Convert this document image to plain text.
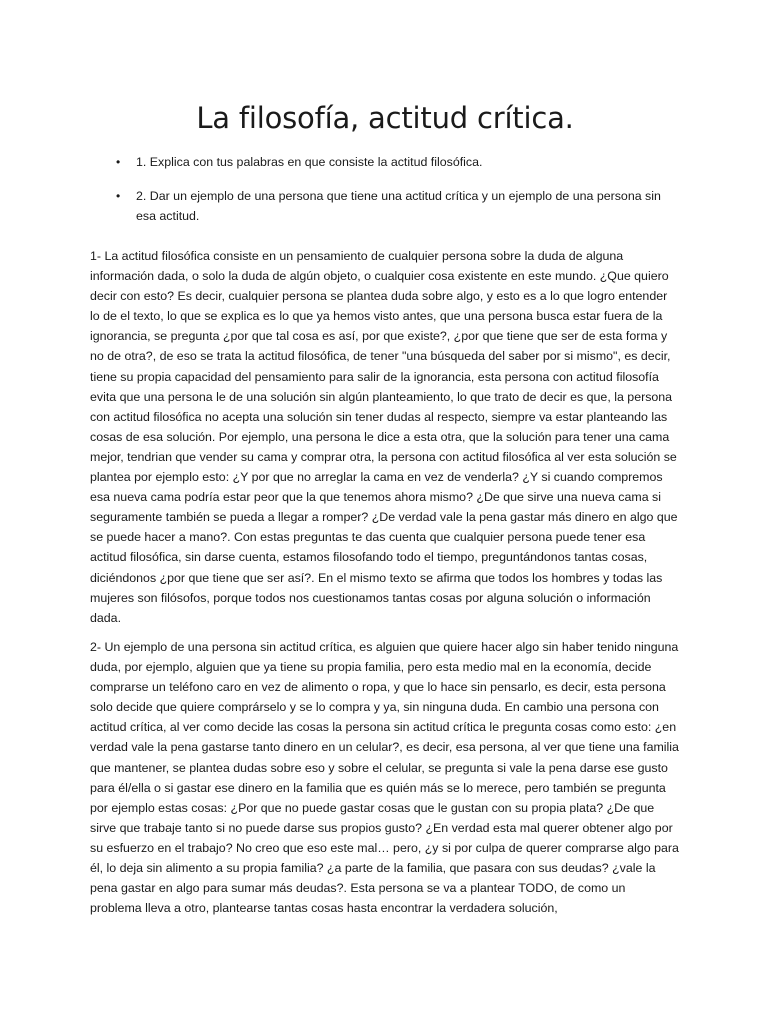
La filosofía, actitud crítica.
• 1. Explica con tus palabras en que consiste la actitud filosófica.
• 2. Dar un ejemplo de una persona que tiene una actitud crítica y un ejemplo de una persona sin esa actitud.

1- La actitud filosófica consiste en un pensamiento de cualquier persona sobre la duda de alguna información dada, o solo la duda de algún objeto, o cualquier cosa existente en este mundo. ¿Que quiero decir con esto? Es decir, cualquier persona se plantea duda sobre algo, y esto es a lo que logro entender lo de el texto, lo que se explica es lo que ya hemos visto antes, que una persona busca estar fuera de la ignorancia, se pregunta ¿por que tal cosa es así, por que existe?, ¿por que tiene que ser de esta forma y no de otra?, de eso se trata la actitud filosófica, de tener "una búsqueda del saber por si mismo", es decir, tiene su propia capacidad del pensamiento para salir de la ignorancia, esta persona con actitud filosofía evita que una persona le de una solución sin algún planteamiento, lo que trato de decir es que, la persona con actitud filosófica no acepta una solución sin tener dudas al respecto, siempre va estar planteando las cosas de esa solución. Por ejemplo, una persona le dice a esta otra, que la solución para tener una cama mejor, tendrian que vender su cama y comprar otra, la persona con actitud filosófica al ver esta solución se plantea por ejemplo esto: ¿Y por que no arreglar la cama en vez de venderla? ¿Y si cuando compremos esa nueva cama podría estar peor que la que tenemos ahora mismo? ¿De que sirve una nueva cama si seguramente también se pueda a llegar a romper? ¿De verdad vale la pena gastar más dinero en algo que se puede hacer a mano?. Con estas preguntas te das cuenta que cualquier persona puede tener esa actitud filosófica, sin darse cuenta, estamos filosofando todo el tiempo, preguntándonos tantas cosas, diciéndonos ¿por que tiene que ser así?. En el mismo texto se afirma que todos los hombres y todas las mujeres son filósofos, porque todos nos cuestionamos tantas cosas por alguna solución o información dada.

2- Un ejemplo de una persona sin actitud crítica, es alguien que quiere hacer algo sin haber tenido ninguna duda, por ejemplo, alguien que ya tiene su propia familia, pero esta medio mal en la economía, decide comprarse un teléfono caro en vez de alimento o ropa, y que lo hace sin pensarlo, es decir, esta persona solo decide que quiere comprárselo y se lo compra y ya, sin ninguna duda. En cambio una persona con actitud crítica, al ver como decide las cosas la persona sin actitud crítica le pregunta cosas como esto: ¿en verdad vale la pena gastarse tanto dinero en un celular?, es decir, esa persona, al ver que tiene una familia que mantener, se plantea dudas sobre eso y sobre el celular, se pregunta si vale la pena darse ese gusto para él/ella o si gastar ese dinero en la familia que es quién más se lo merece, pero también se pregunta por ejemplo estas cosas: ¿Por que no puede gastar cosas que le gustan con su propia plata? ¿De que sirve que trabaje tanto si no puede darse sus propios gusto? ¿En verdad esta mal querer obtener algo por su esfuerzo en el trabajo? No creo que eso este mal… pero, ¿y si por culpa de querer comprarse algo para él, lo deja sin alimento a su propia familia? ¿a parte de la familia, que pasara con sus deudas? ¿vale la pena gastar en algo para sumar más deudas?. Esta persona se va a plantear TODO, de como un problema lleva a otro, plantearse tantas cosas hasta encontrar la verdadera solución,
